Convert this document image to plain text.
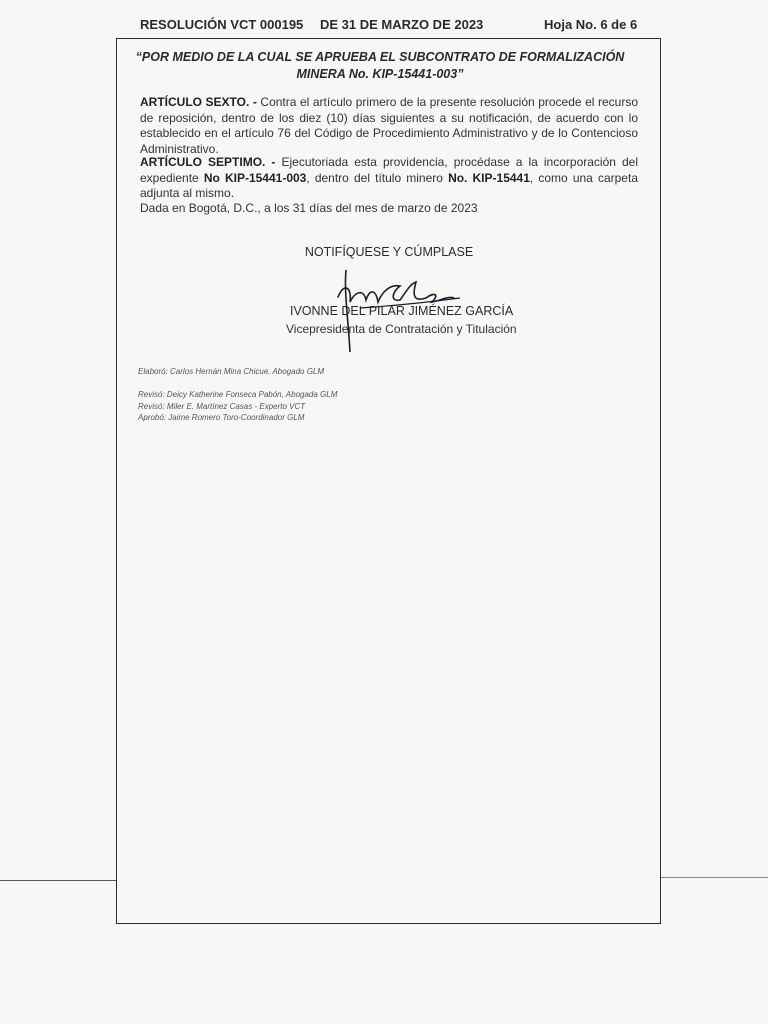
RESOLUCIÓN VCT 000195 DE 31 DE MARZO DE 2023	Hoja No. 6 de 6
“POR MEDIO DE LA CUAL SE APRUEBA EL SUBCONTRATO DE FORMALIZACIÓN MINERA No. KIP-15441-003”
ARTÍCULO SEXTO. - Contra el artículo primero de la presente resolución procede el recurso de reposición, dentro de los diez (10) días siguientes a su notificación, de acuerdo con lo establecido en el artículo 76 del Código de Procedimiento Administrativo y de lo Contencioso Administrativo.
ARTÍCULO SEPTIMO. - Ejecutoriada esta providencia, procédase a la incorporación del expediente No KIP-15441-003, dentro del título minero No. KIP-15441, como una carpeta adjunta al mismo.
Dada en Bogotá, D.C., a los 31 días del mes de marzo de 2023
NOTIFÍQUESE Y CÚMPLASE
IVONNE DEL PILAR JIMÉNEZ GARCÍA
Vicepresidenta de Contratación y Titulación
Elaboró: Carlos Hernán Mina Chicue. Abogado GLM
Revisó: Deicy Katherine Fonseca Pabón, Abogada GLM
Revisó: Miler E. Martínez Casas - Experto VCT
Aprobó: Jaime Romero Toro-Coordinador GLM
